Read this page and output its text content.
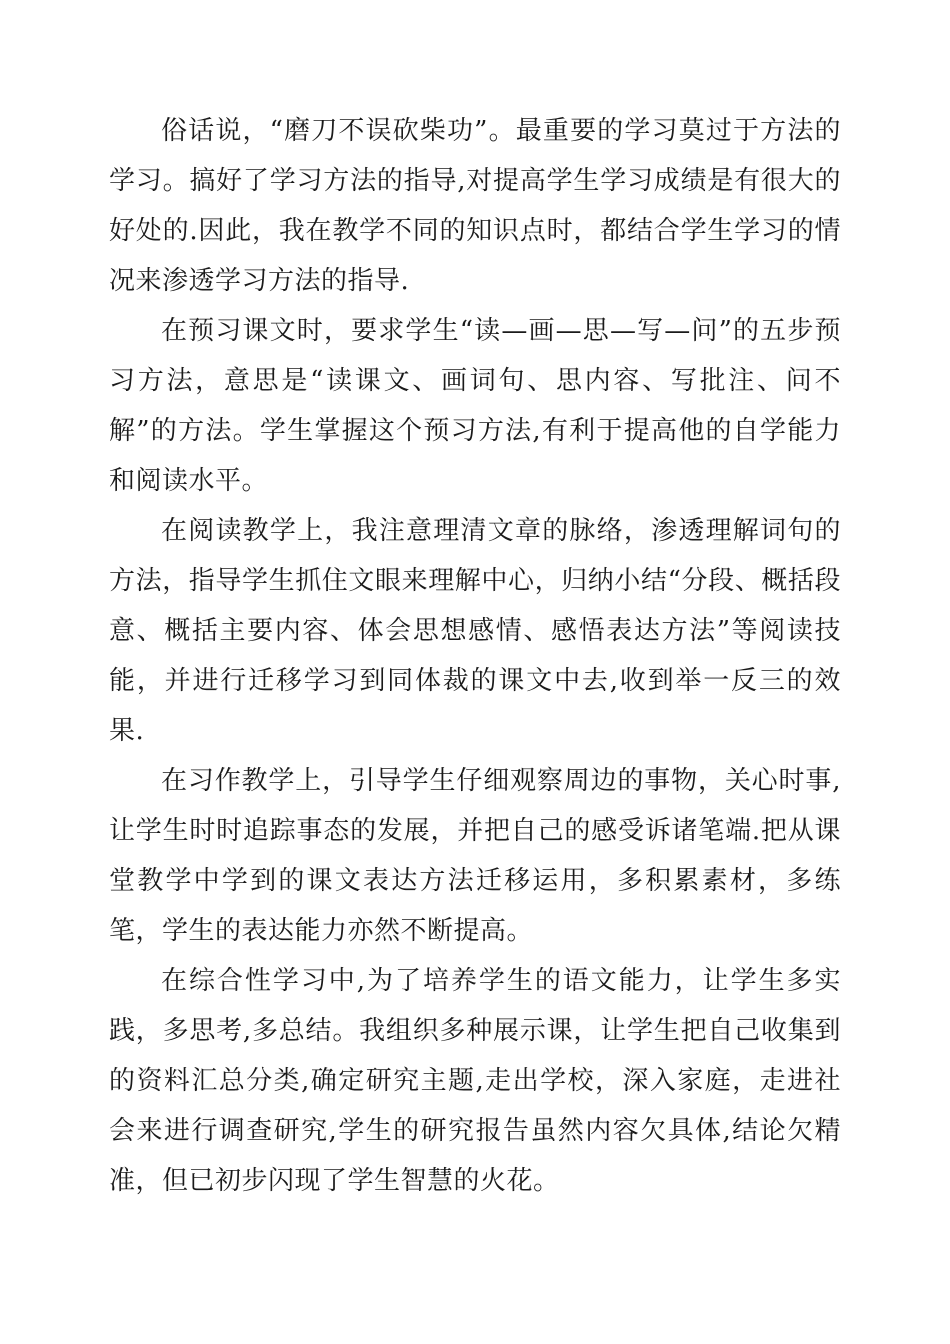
俗话说，“磨刀不误砍柴功”。最重要的学习莫过于方法的学习。搞好了学习方法的指导,对提高学生学习成绩是有很大的好处的.因此，我在教学不同的知识点时，都结合学生学习的情况来渗透学习方法的指导.

在预习课文时，要求学生“读—画—思—写—问”的五步预习方法，意思是“读课文、画词句、思内容、写批注、问不解”的方法。学生掌握这个预习方法,有利于提高他的自学能力和阅读水平。

在阅读教学上，我注意理清文章的脉络，渗透理解词句的方法，指导学生抓住文眼来理解中心，归纳小结“分段、概括段意、概括主要内容、体会思想感情、感悟表达方法”等阅读技能，并进行迁移学习到同体裁的课文中去,收到举一反三的效果.

在习作教学上，引导学生仔细观察周边的事物，关心时事,让学生时时追踪事态的发展，并把自己的感受诉诸笔端.把从课堂教学中学到的课文表达方法迁移运用，多积累素材，多练笔，学生的表达能力亦然不断提高。

在综合性学习中,为了培养学生的语文能力，让学生多实践，多思考,多总结。我组织多种展示课，让学生把自己收集到的资料汇总分类,确定研究主题,走出学校，深入家庭，走进社会来进行调查研究,学生的研究报告虽然内容欠具体,结论欠精准，但已初步闪现了学生智慧的火花。
